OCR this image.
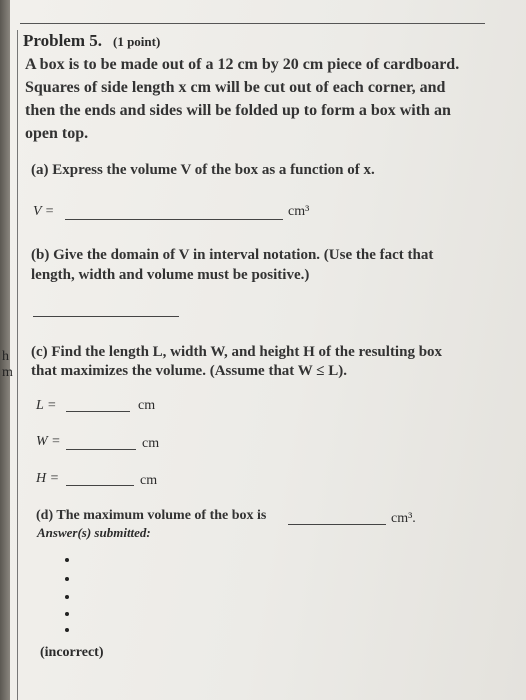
h
m
Problem 5. (1 point)
A box is to be made out of a 12 cm by 20 cm piece of cardboard.
Squares of side length x cm will be cut out of each corner, and
then the ends and sides will be folded up to form a box with an
open top.
(a) Express the volume V of the box as a function of x.
V =	cm³
(b) Give the domain of V in interval notation. (Use the fact that
length, width and volume must be positive.)
(c) Find the length L, width W, and height H of the resulting box
that maximizes the volume. (Assume that W ≤ L).
L =	cm
W =	cm
H =	cm
(d) The maximum volume of the box is	cm³.
Answer(s) submitted:
(incorrect)
